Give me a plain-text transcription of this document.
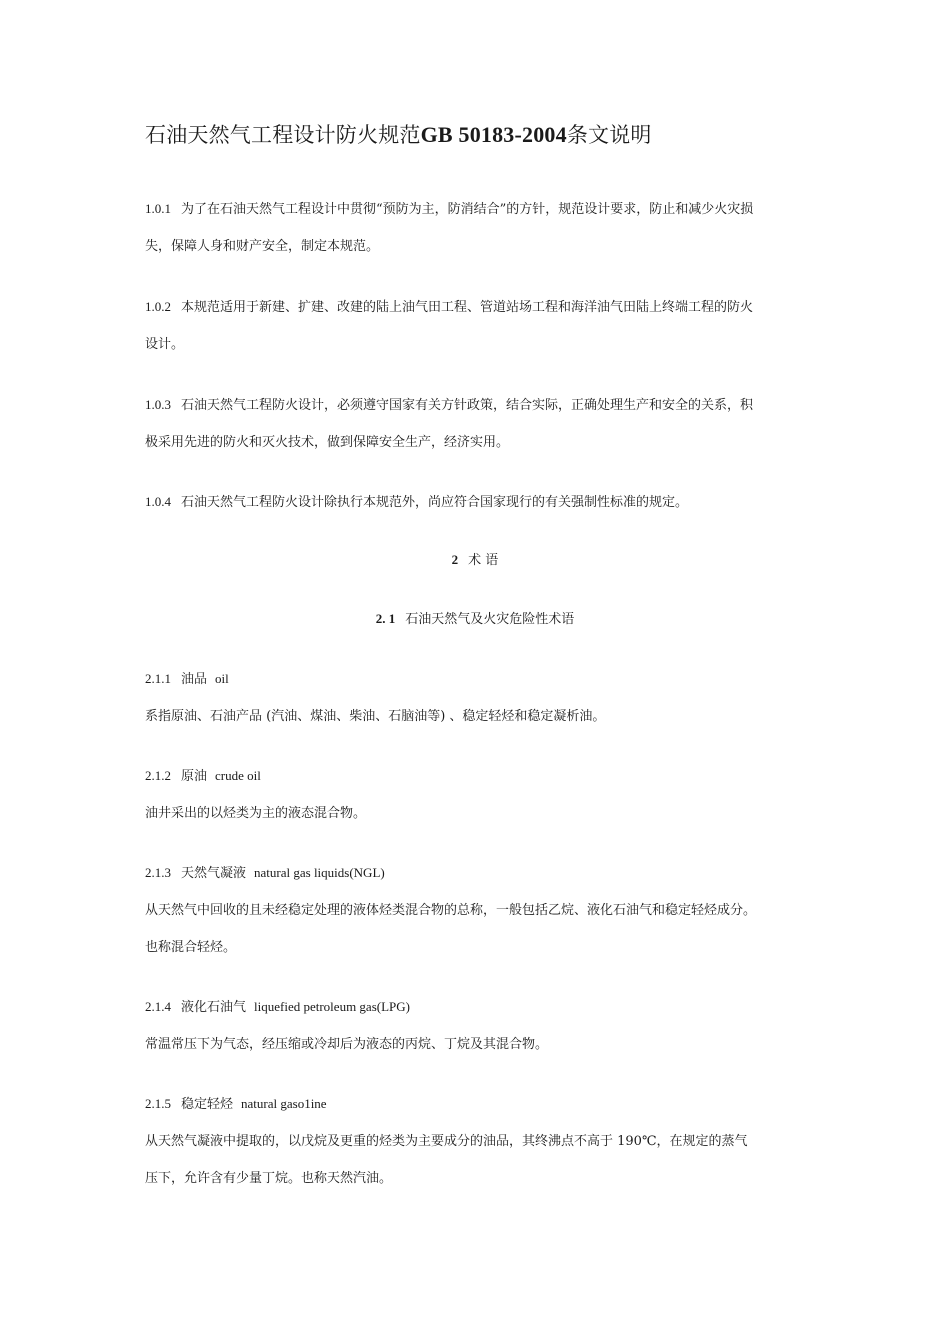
石油天然气工程设计防火规范GB 50183-2004条文说明
1.0.1 为了在石油天然气工程设计中贯彻“预防为主，防消结合”的方针，规范设计要求，防止和减少火灾损
失，保障人身和财产安全，制定本规范。
1.0.2 本规范适用于新建、扩建、改建的陆上油气田工程、管道站场工程和海洋油气田陆上终端工程的防火
设计。
1.0.3 石油天然气工程防火设计，必须遵守国家有关方针政策，结合实际，正确处理生产和安全的关系，积
极采用先进的防火和灭火技术，做到保障安全生产，经济实用。
1.0.4 石油天然气工程防火设计除执行本规范外，尚应符合国家现行的有关强制性标准的规定。
2 术 语
2. 1 石油天然气及火灾危险性术语
2.1.1 油品 oil
系指原油、石油产品 (汽油、煤油、柴油、石脑油等) 、稳定轻烃和稳定凝析油。
2.1.2 原油 crude oil
油井采出的以烃类为主的液态混合物。
2.1.3 天然气凝液 natural gas liquids(NGL)
从天然气中回收的且未经稳定处理的液体烃类混合物的总称，一般包括乙烷、液化石油气和稳定轻烃成分。
也称混合轻烃。
2.1.4 液化石油气 liquefied petroleum gas(LPG)
常温常压下为气态，经压缩或冷却后为液态的丙烷、丁烷及其混合物。
2.1.5 稳定轻烃 natural gaso1ine
从天然气凝液中提取的，以戊烷及更重的烃类为主要成分的油品，其终沸点不高于 190℃，在规定的蒸气
压下，允许含有少量丁烷。也称天然汽油。
